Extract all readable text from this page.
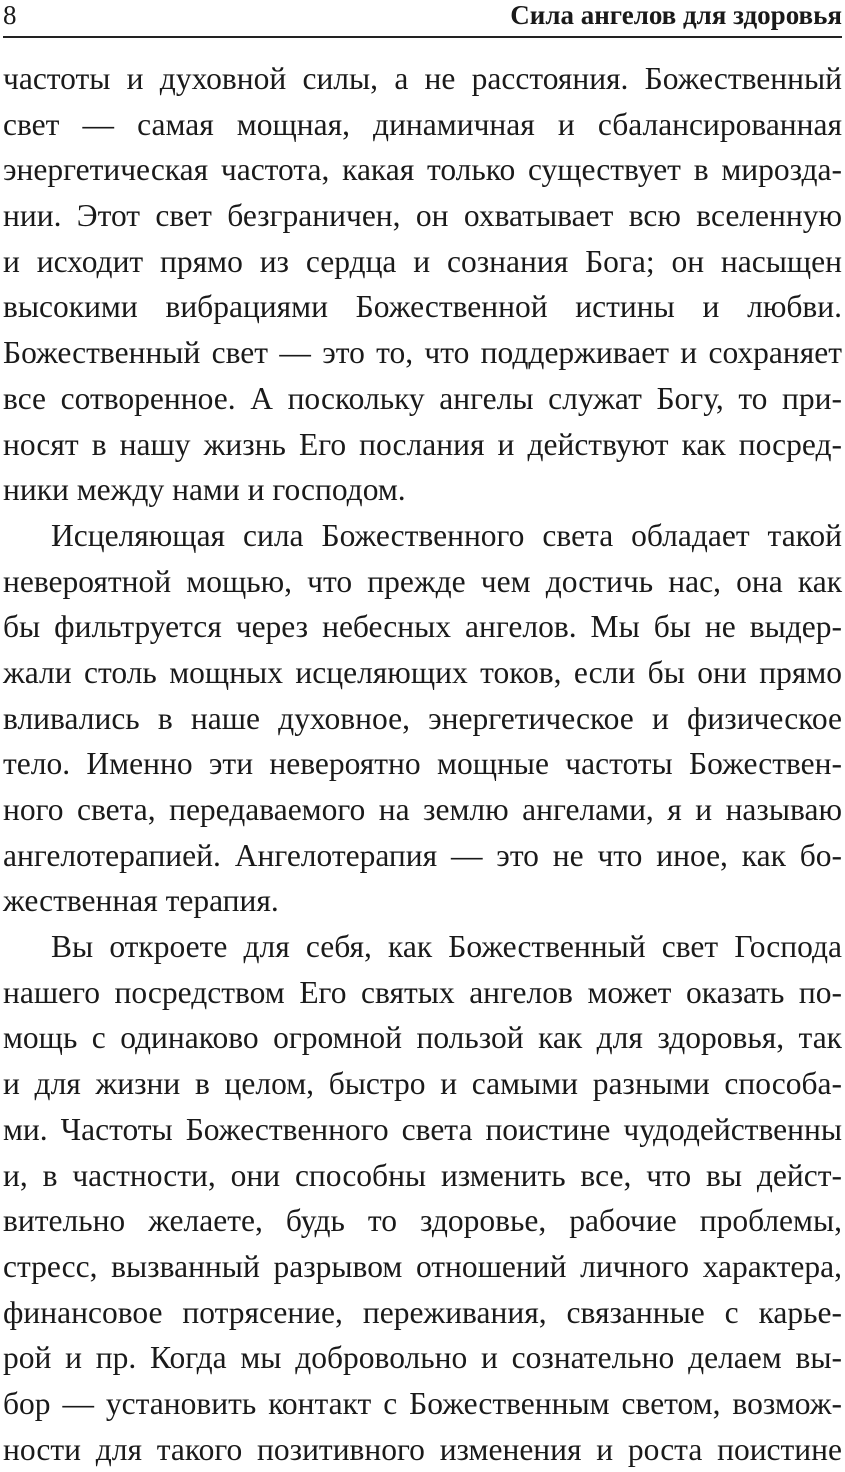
8	Сила ангелов для здоровья
частоты и духовной силы, а не расстояния. Божественный
свет — самая мощная, динамичная и сбалансированная
энергетическая частота, какая только существует в мирозда-
нии. Этот свет безграничен, он охватывает всю вселенную
и исходит прямо из сердца и сознания Бога; он насыщен
высокими вибрациями Божественной истины и любви.
Божественный свет — это то, что поддерживает и сохраняет
все сотворенное. А поскольку ангелы служат Богу, то при-
носят в нашу жизнь Его послания и действуют как посред-
ники между нами и господом.
Исцеляющая сила Божественного света обладает такой
невероятной мощью, что прежде чем достичь нас, она как
бы фильтруется через небесных ангелов. Мы бы не выдер-
жали столь мощных исцеляющих токов, если бы они прямо
вливались в наше духовное, энергетическое и физическое
тело. Именно эти невероятно мощные частоты Божествен-
ного света, передаваемого на землю ангелами, я и называю
ангелотерапией. Ангелотерапия — это не что иное, как бо-
жественная терапия.
Вы откроете для себя, как Божественный свет Господа
нашего посредством Его святых ангелов может оказать по-
мощь с одинаково огромной пользой как для здоровья, так
и для жизни в целом, быстро и самыми разными способа-
ми. Частоты Божественного света поистине чудодейственны
и, в частности, они способны изменить все, что вы дейст-
вительно желаете, будь то здоровье, рабочие проблемы,
стресс, вызванный разрывом отношений личного характера,
финансовое потрясение, переживания, связанные с карье-
рой и пр. Когда мы добровольно и сознательно делаем вы-
бор — установить контакт с Божественным светом, возмож-
ности для такого позитивного изменения и роста поистине
